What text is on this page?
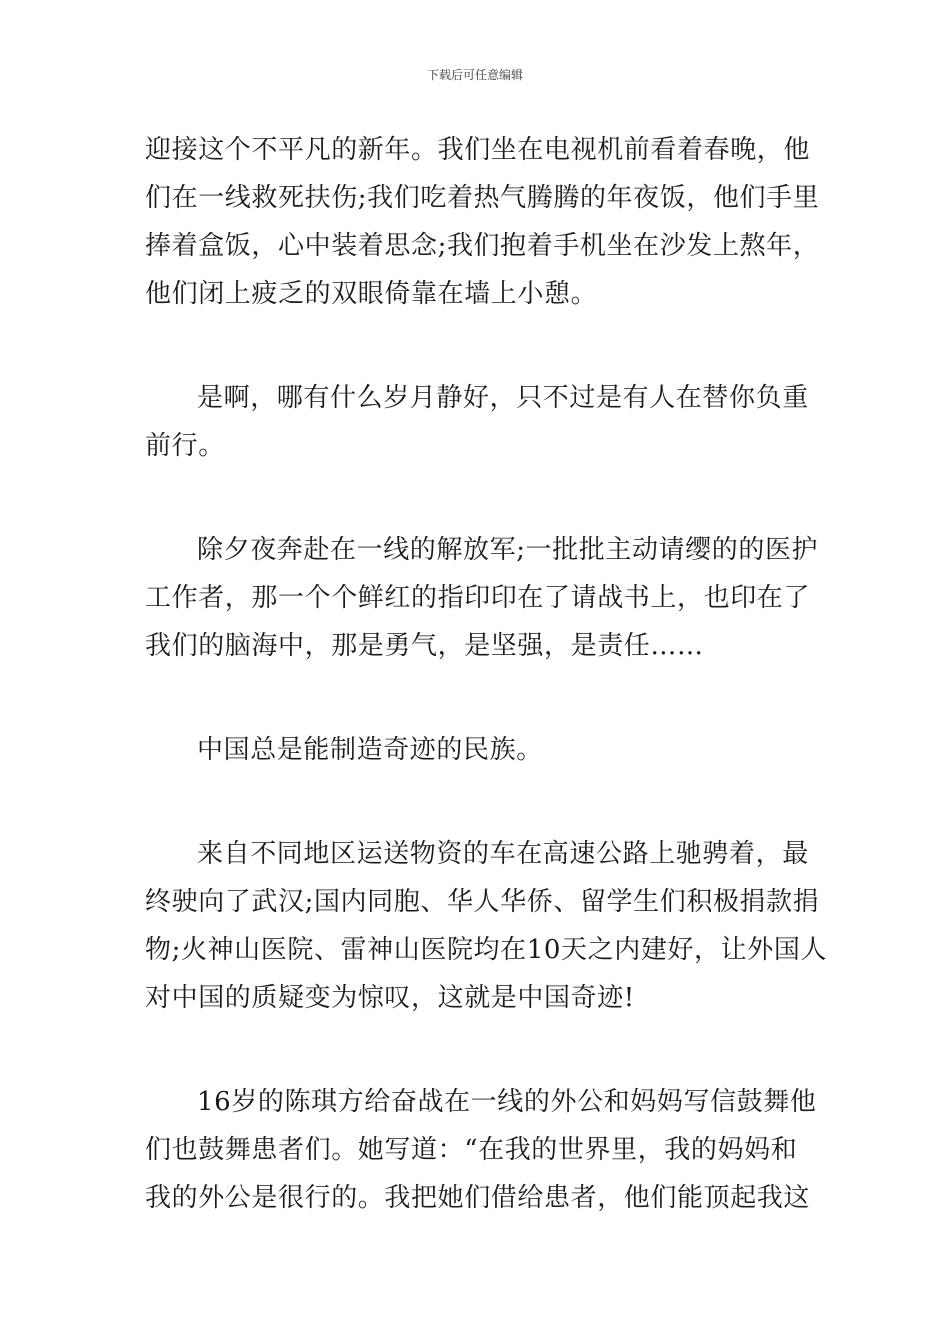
下载后可任意编辑
迎接这个不平凡的新年。我们坐在电视机前看着春晚，他
们在一线救死扶伤;我们吃着热气腾腾的年夜饭，他们手里
捧着盒饭，心中装着思念;我们抱着手机坐在沙发上熬年，
他们闭上疲乏的双眼倚靠在墙上小憩。
是啊，哪有什么岁月静好，只不过是有人在替你负重
前行。
除夕夜奔赴在一线的解放军;一批批主动请缨的的医护
工作者，那一个个鲜红的指印印在了请战书上，也印在了
我们的脑海中，那是勇气，是坚强，是责任……
中国总是能制造奇迹的民族。
来自不同地区运送物资的车在高速公路上驰骋着，最
终驶向了武汉;国内同胞、华人华侨、留学生们积极捐款捐
物;火神山医院、雷神山医院均在10天之内建好，让外国人
对中国的质疑变为惊叹，这就是中国奇迹!
16岁的陈琪方给奋战在一线的外公和妈妈写信鼓舞他
们也鼓舞患者们。她写道：“在我的世界里，我的妈妈和
我的外公是很行的。我把她们借给患者，他们能顶起我这
